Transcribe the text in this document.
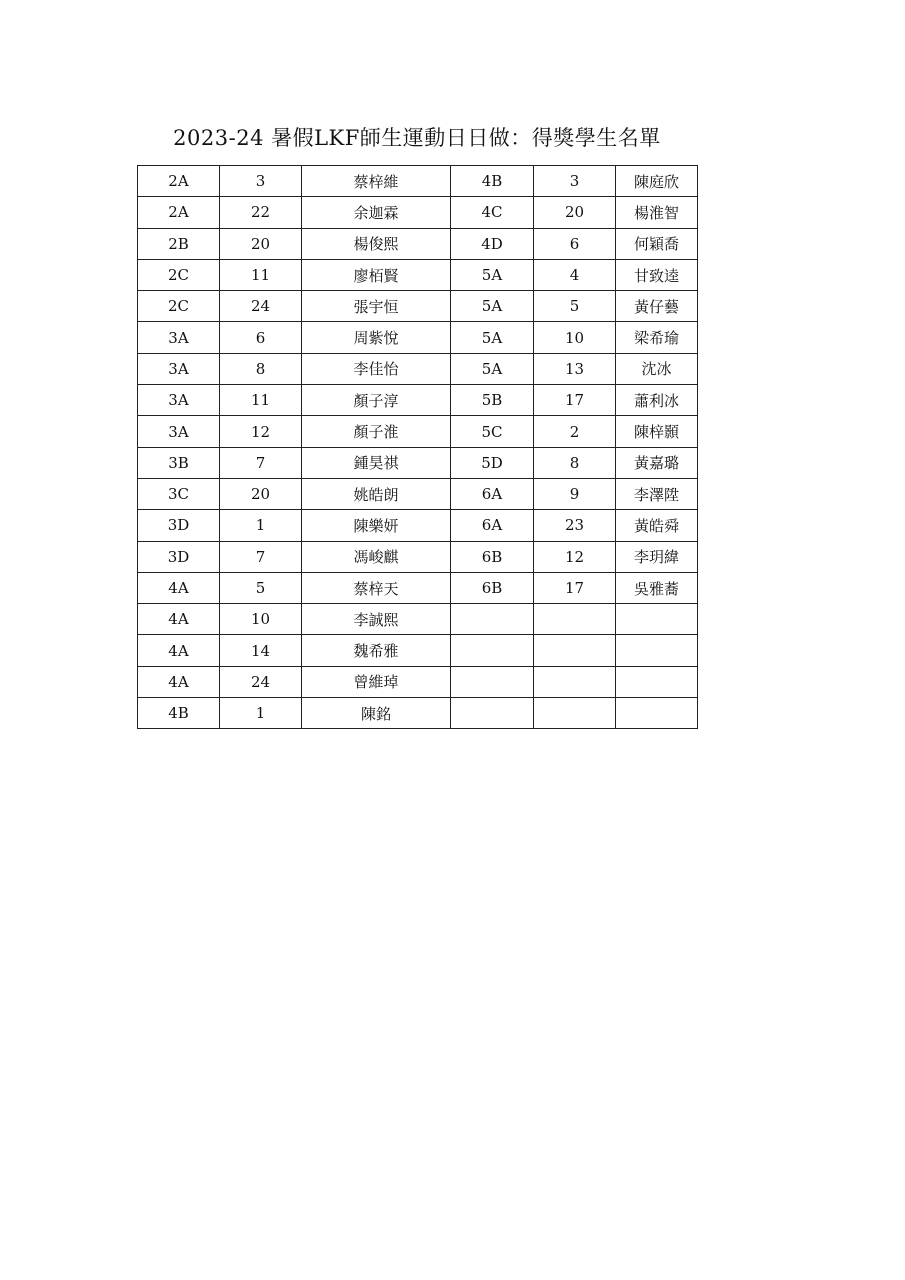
2023-24 暑假LKF師生運動日日做：得獎學生名單
2A	3	蔡梓維	4B	3	陳庭欣
2A	22	余迦霖	4C	20	楊淮智
2B	20	楊俊熙	4D	6	何穎喬
2C	11	廖栢賢	5A	4	甘致逵
2C	24	張宇恒	5A	5	黃仔藝
3A	6	周紫悅	5A	10	梁希瑜
3A	8	李佳怡	5A	13	沈冰
3A	11	顏子淳	5B	17	蕭利冰
3A	12	顏子淮	5C	2	陳梓顥
3B	7	鍾昊祺	5D	8	黃嘉璐
3C	20	姚皓朗	6A	9	李澤陞
3D	1	陳樂妍	6A	23	黃皓舜
3D	7	馮峻麒	6B	12	李玥緯
4A	5	蔡梓天	6B	17	吳雅蕎
4A	10	李誠熙			
4A	14	魏希雅			
4A	24	曾維琸			
4B	1	陳銘			
